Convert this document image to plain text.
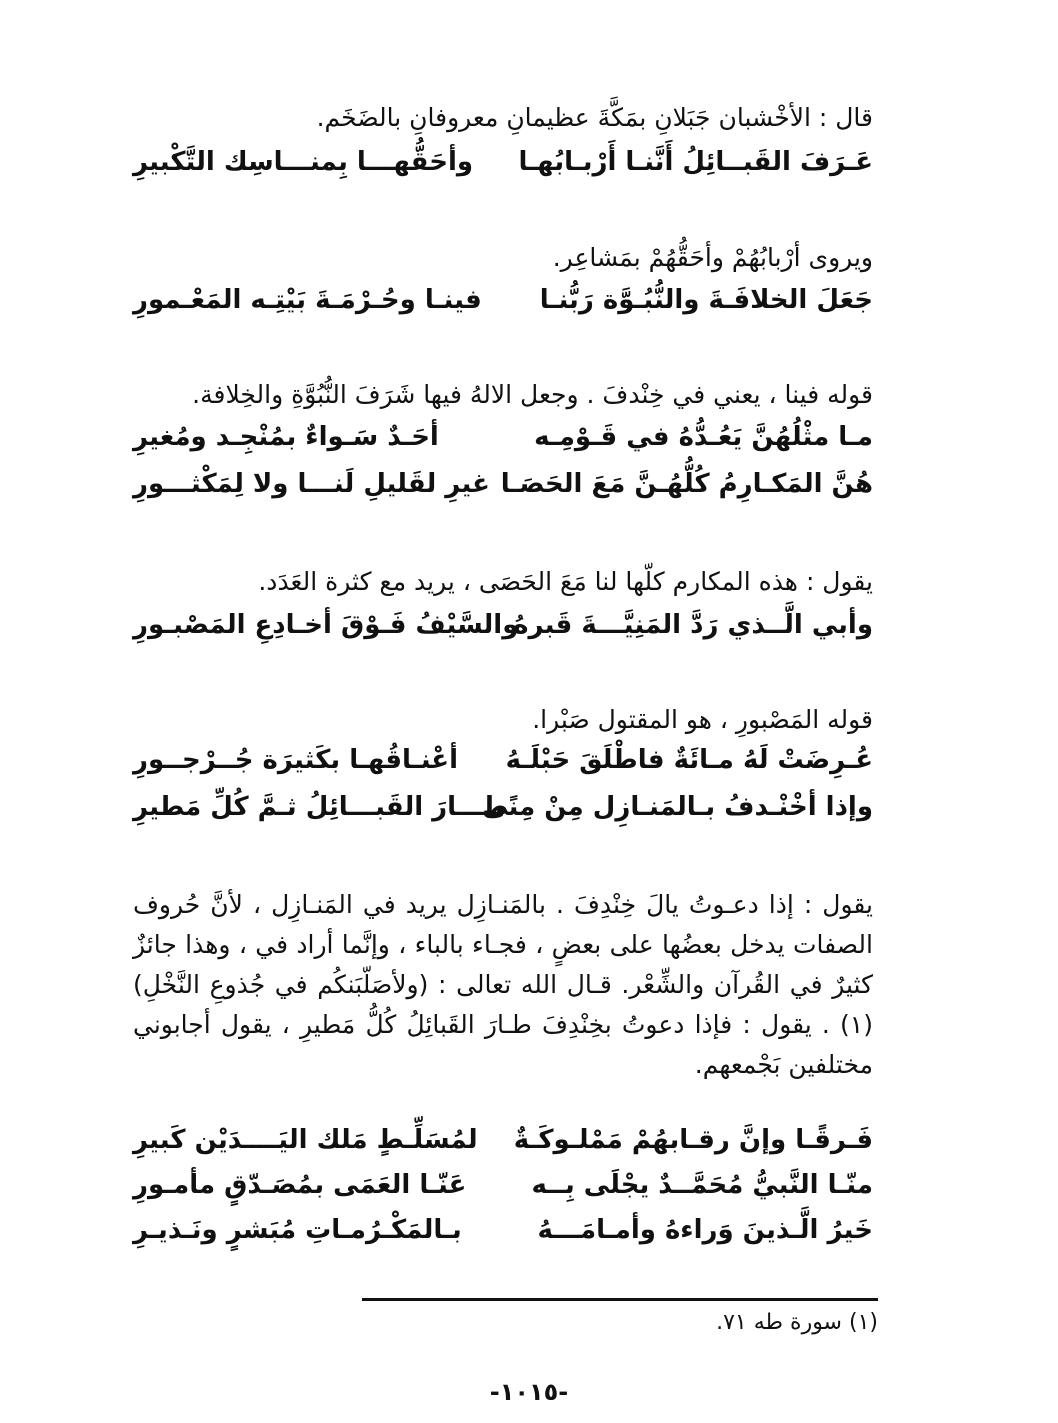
قال : الأخْشبان جَبَلانِ بمَكَّةَ عظيمانِ معروفانِ بالضَخَم.
عَـرَفَ القَبــائِلُ أَنَّنـا أَرْبـابُهـا
وأحَقُّهـــا بِمنـــاسِك التَّكْبيرِ
ويروى أرْبابُهُمْ وأحَقُّهُمْ بمَشاعِر.
جَعَلَ الخلافَـةَ والنُّبُـوَّة رَبُّنـا
فينـا وحُـرْمَـةَ بَيْتِـه المَعْـمورِ
قوله فينا ، يعني في خِنْدفَ . وجعل الالهُ فيها شَرَفَ النُّبُوَّةِ والخِلافة.
مـا مثْلُهُنَّ يَعُـدُّهُ في قَـوْمِـه
أحَـدٌ سَـواءٌ بمُنْجِـد ومُغيرِ
هُنَّ المَكـارِمُ كُلُّهُـنَّ مَعَ الحَصَـا
غيرِ لقَليلِ لَنـــا ولا لِمَكْثـــورِ
يقول : هذه المكارم كلّها لنا مَعَ الحَصَى ، يريد مع كثرة العَدَد.
وأبي الَّــذي رَدَّ المَنِيَّـــةَ قَبرهُ
والسَّيْفُ فَـوْقَ أخـادِعِ المَصْبـورِ
قوله المَصْبورِ ، هو المقتول صَبْرا.
عُـرِضَتْ لَهُ مـائَةٌ فاطْلَقَ حَبْلَـهُ
أعْنـاقُهـا بكَثيرَة جُــرْجــورِ
وإذا أخْنْـدفُ بـالمَنـازِل مِنْ مِنًى
طـــارَ القَبـــائِلُ ثـمَّ كُلِّ مَطيرِ
يقول : إذا دعـوتُ يالَ خِنْدِفَ . بالمَنـازِل يريد في المَنـازِل ، لأنَّ حُروف الصفات يدخل بعضُها على بعضٍ ، فجـاء بالباء ، وإنَّما أراد في ، وهذا جائزٌ كثيرٌ في القُرآن والشِّعْر. قـال الله تعالى : (ولأصَلّبَنكُم في جُذوعِ النَّخْلِ)(١) . يقول : فإذا دعوتُ بخِنْدِفَ طـارَ القَبائِلُ كُلُّ مَطيرِ ، يقول أجابوني مختلفين بَجْمعهم.
فَـرقًـا وإنَّ رقـابهُمْ مَمْلـوكَـةٌ
لمُسَلِّـطٍ مَلك اليَــــدَيْن كَبيرِ
منّـا النَّبيُّ مُحَمَّــدٌ يجْلَى بِــه
عَنّـا العَمَى بمُصَـدّقٍ مأمـورِ
خَيرُ الَّـذينَ وَراءهُ وأمـامَـــهُ
بـالمَكْـرُمـاتِ مُبَشرٍ ونَـذيـرِ
(١) سورة طه ٧١.
-١٠١٥-
